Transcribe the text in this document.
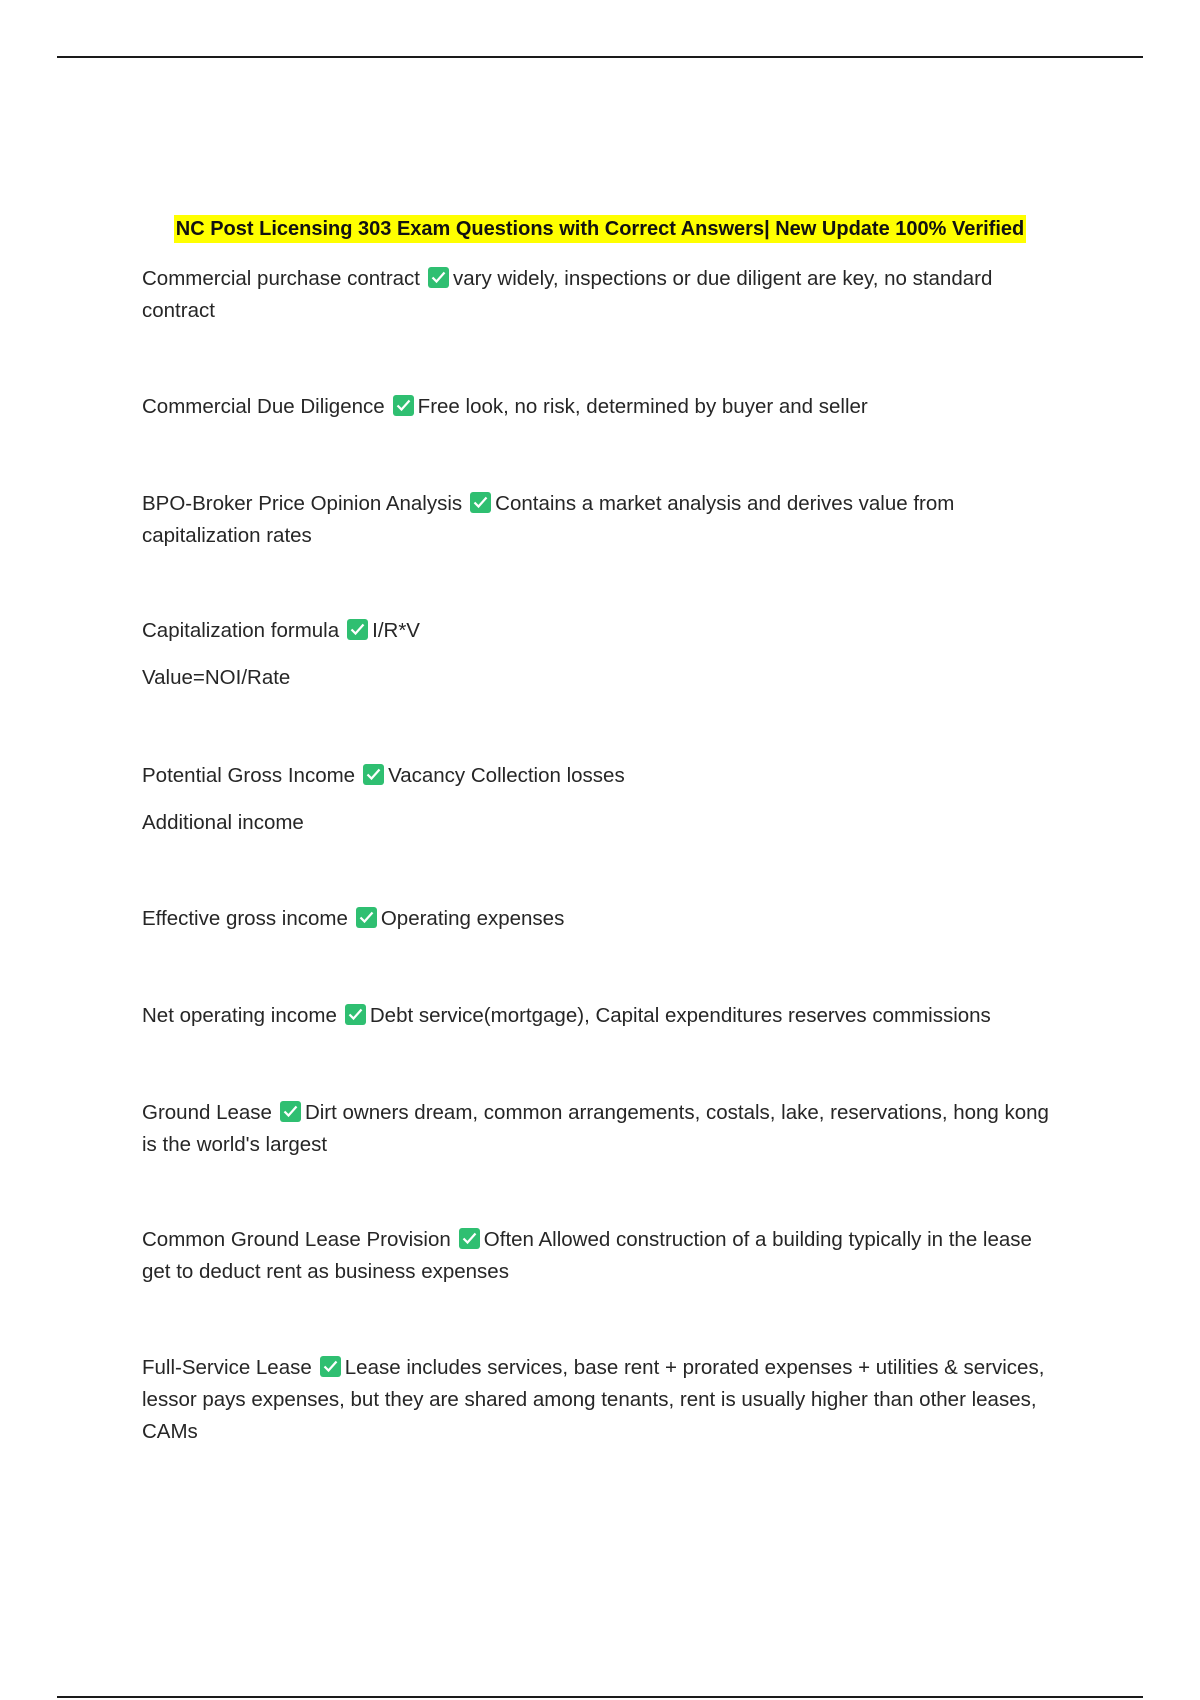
NC Post Licensing 303 Exam Questions with Correct Answers| New Update 100% Verified

Commercial purchase contract vary widely, inspections or due diligent are key, no standard contract

Commercial Due Diligence Free look, no risk, determined by buyer and seller

BPO-Broker Price Opinion Analysis Contains a market analysis and derives value from capitalization rates

Capitalization formula I/R*V

Value=NOI/Rate

Potential Gross Income Vacancy Collection losses

Additional income

Effective gross income Operating expenses

Net operating income Debt service(mortgage), Capital expenditures reserves commissions

Ground Lease Dirt owners dream, common arrangements, costals, lake, reservations, hong kong is the world's largest

Common Ground Lease Provision Often Allowed construction of a building typically in the lease get to deduct rent as business expenses

Full-Service Lease Lease includes services, base rent + prorated expenses + utilities & services, lessor pays expenses, but they are shared among tenants, rent is usually higher than other leases, CAMs
